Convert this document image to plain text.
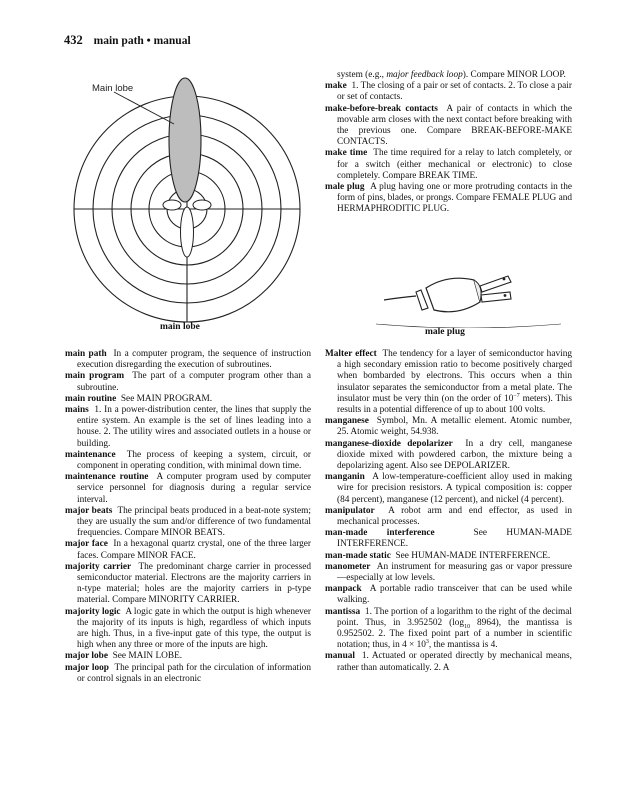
432 main path • manual
Main lobe
main lobe	male plug

system (e.g., major feedback loop). Compare MINOR LOOP.

make 1. The closing of a pair or set of contacts. 2. To close a pair or set of contacts.

make-before-break contacts A pair of contacts in which the movable arm closes with the next contact before breaking with the previous one. Compare BREAK-BEFORE-MAKE CONTACTS.

make time The time required for a relay to latch completely, or for a switch (either mechanical or electronic) to close completely. Compare BREAK TIME.

male plug A plug having one or more protruding contacts in the form of pins, blades, or prongs. Compare FEMALE PLUG and HERMAPHRODITIC PLUG.

main path In a computer program, the sequence of instruction execution disregarding the execution of subroutines.

main program The part of a computer program other than a subroutine.

main routine See MAIN PROGRAM.

mains 1. In a power-distribution center, the lines that supply the entire system. An example is the set of lines leading into a house. 2. The utility wires and associated outlets in a house or building.

maintenance The process of keeping a system, circuit, or component in operating condition, with minimal down time.

maintenance routine A computer program used by computer service personnel for diagnosis during a regular service interval.

major beats The principal beats produced in a beat-note system; they are usually the sum and/or difference of two fundamental frequencies. Compare MINOR BEATS.

major face In a hexagonal quartz crystal, one of the three larger faces. Compare MINOR FACE.

majority carrier The predominant charge carrier in processed semiconductor material. Electrons are the majority carriers in n-type material; holes are the majority carriers in p-type material. Compare MINORITY CARRIER.

majority logic A logic gate in which the output is high whenever the majority of its inputs is high, regardless of which inputs are high. Thus, in a five-input gate of this type, the output is high when any three or more of the inputs are high.

major lobe See MAIN LOBE.

major loop The principal path for the circulation of information or control signals in an electronic

Malter effect The tendency for a layer of semiconductor having a high secondary emission ratio to become positively charged when bombarded by electrons. This occurs when a thin insulator separates the semiconductor from a metal plate. The insulator must be very thin (on the order of $10^{-7}$ meters). This results in a potential difference of up to about 100 volts.

manganese Symbol, Mn. A metallic element. Atomic number, 25. Atomic weight, 54.938.

manganese-dioxide depolarizer In a dry cell, manganese dioxide mixed with powdered carbon, the mixture being a depolarizing agent. Also see DEPOLARIZER.

manganin A low-temperature-coefficient alloy used in making wire for precision resistors. A typical composition is: copper (84 percent), manganese (12 percent), and nickel (4 percent).

manipulator A robot arm and end effector, as used in mechanical processes.

man-made interference	See HUMAN-MADE INTERFERENCE.

man-made static See HUMAN-MADE INTERFERENCE.

manometer An instrument for measuring gas or vapor pressure—especially at low levels.

manpack A portable radio transceiver that can be used while walking.

mantissa 1. The portion of a logarithm to the right of the decimal point. Thus, in 3.952502 ($\log_{10}$ 8964), the mantissa is 0.952502. 2. The fixed point part of a number in scientific notation; thus, in $4 \times 10^3$, the mantissa is 4.

manual 1. Actuated or operated directly by mechanical means, rather than automatically. 2. A
